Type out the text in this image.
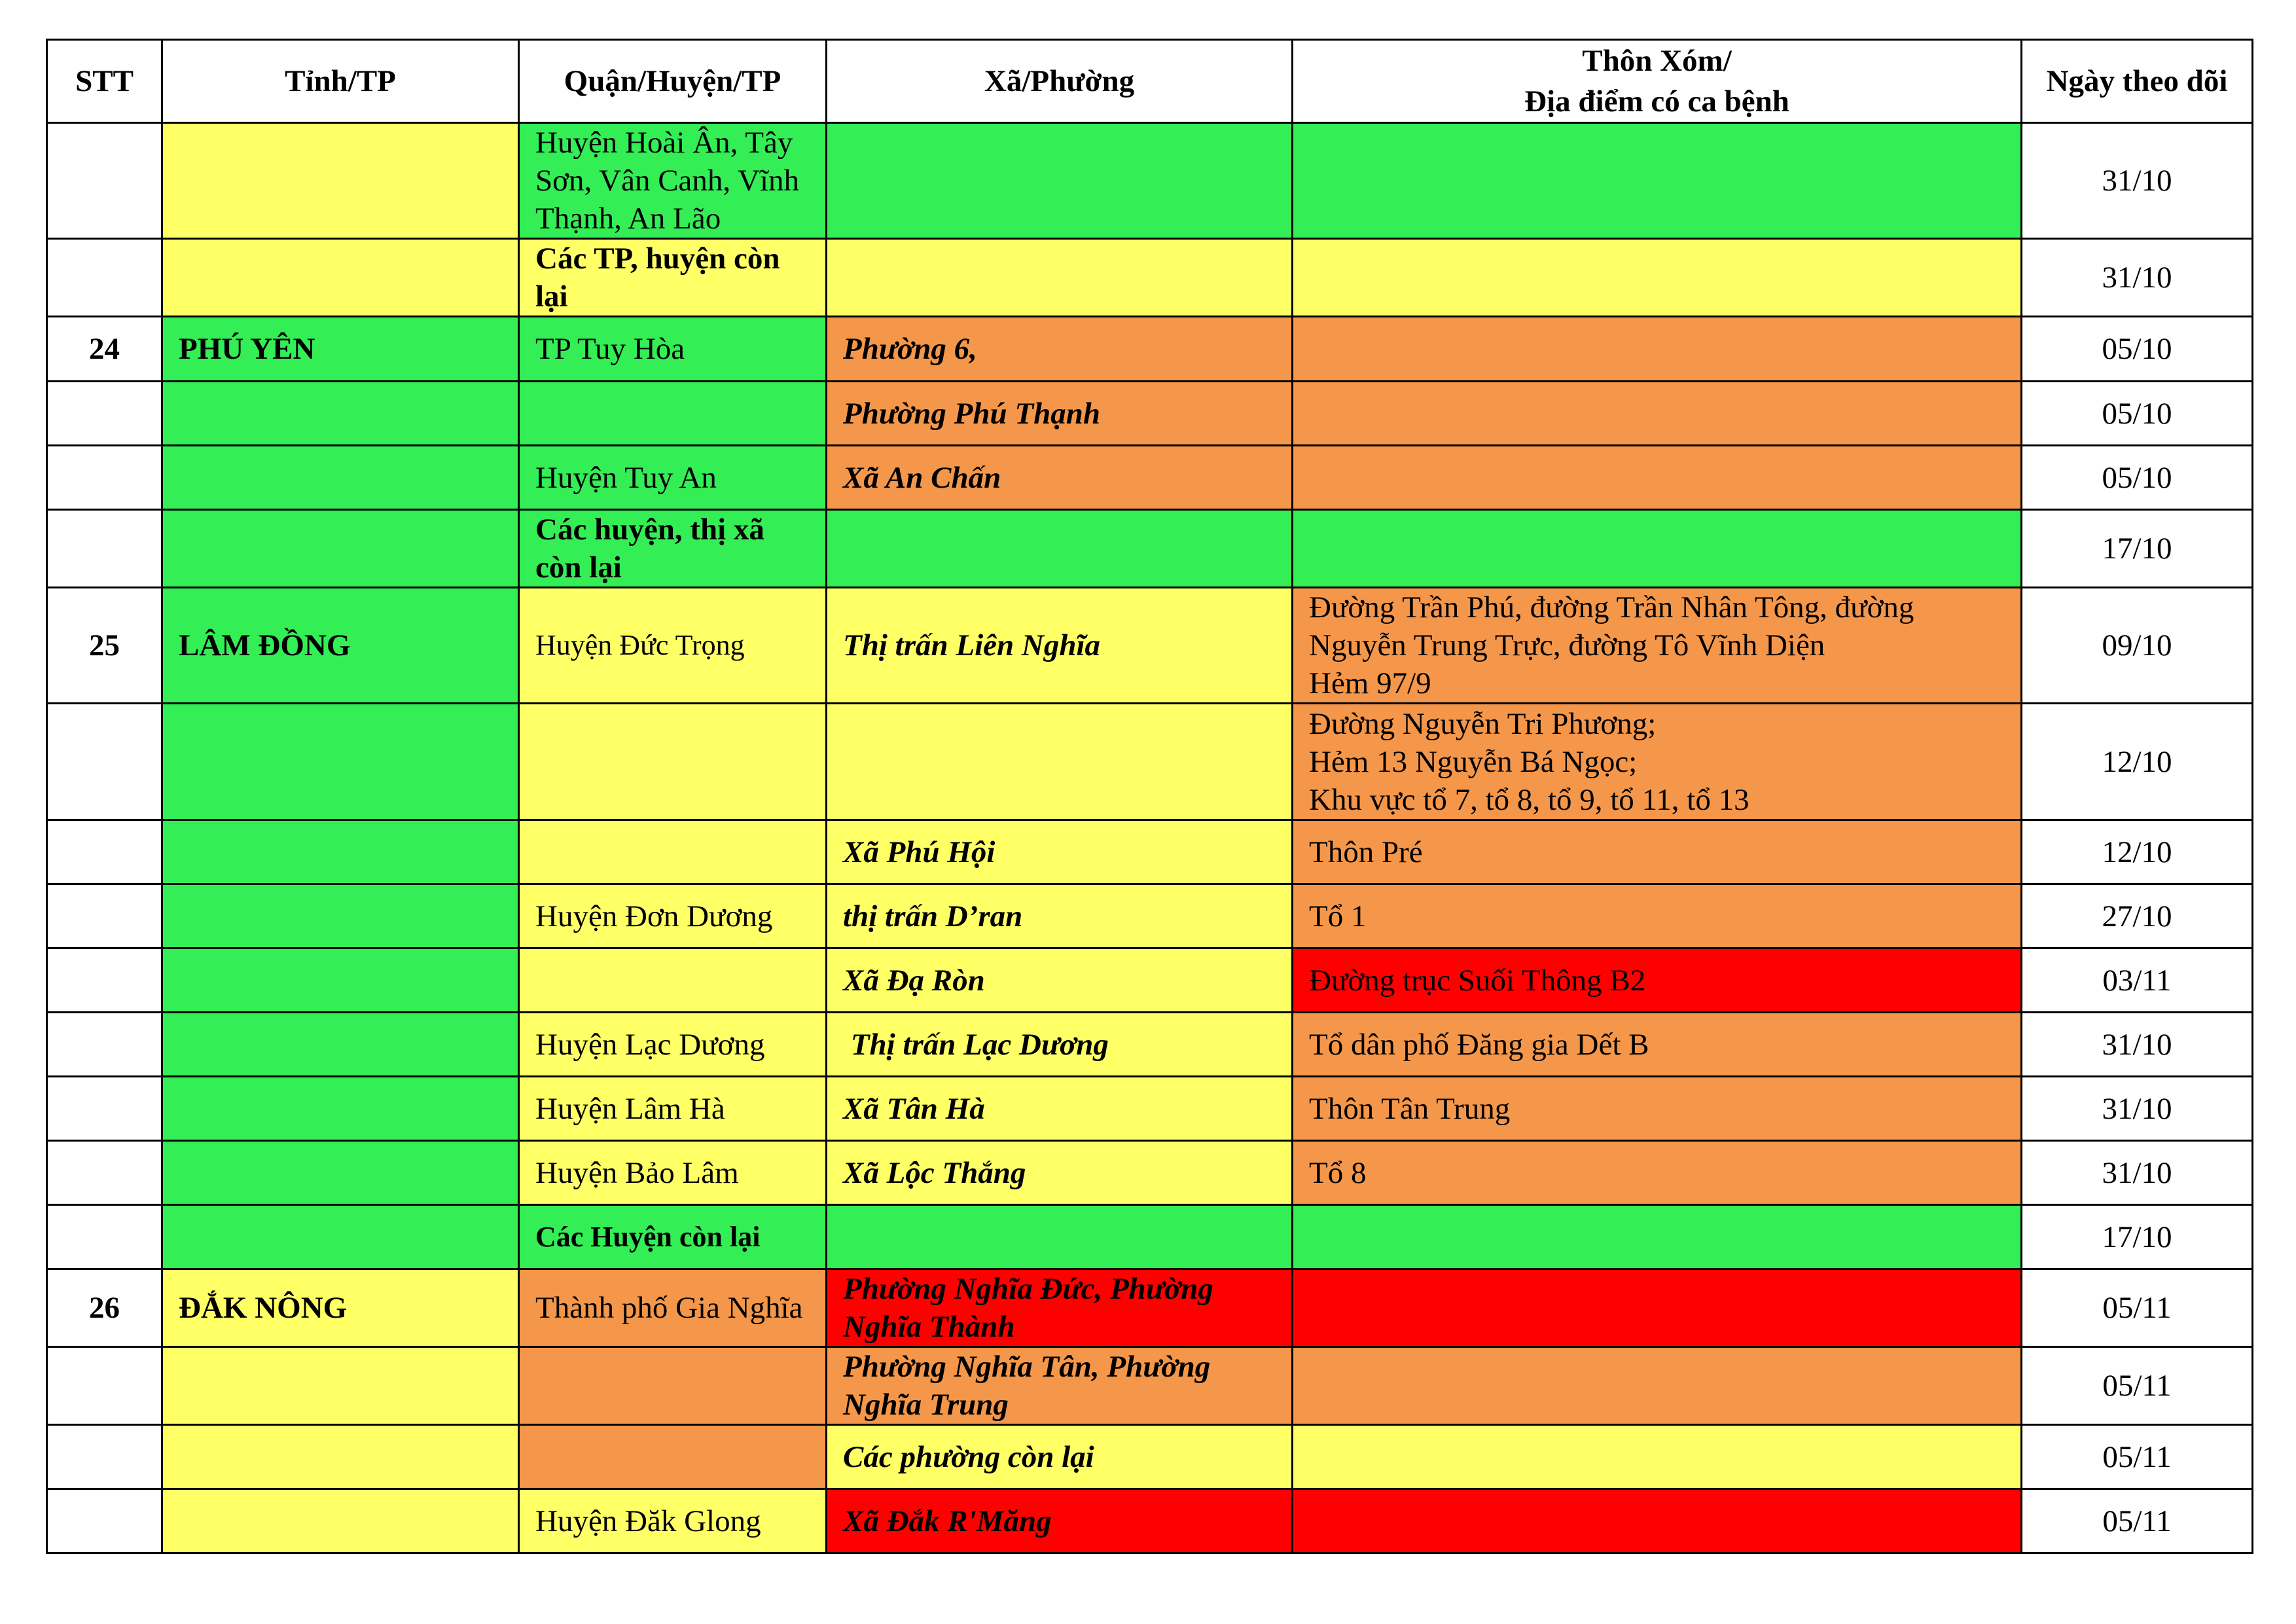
STT	Tỉnh/TP	Quận/Huyện/TP	Xã/Phường	Thôn Xóm/
Địa điểm có ca bệnh	Ngày theo dõi
		Huyện Hoài Ân, Tây Sơn, Vân Canh, Vĩnh Thạnh, An Lão			31/10
		Các TP, huyện còn lại			31/10
24	PHÚ YÊN	TP Tuy Hòa	Phường 6,		05/10
			Phường Phú Thạnh		05/10
		Huyện Tuy An	Xã An Chấn		05/10
		Các huyện, thị xã còn lại			17/10
25	LÂM ĐỒNG	Huyện Đức Trọng	Thị trấn Liên Nghĩa	Đường Trần Phú, đường Trần Nhân Tông, đường
Nguyễn Trung Trực, đường Tô Vĩnh Diện
Hẻm 97/9	09/10

				Đường Nguyễn Tri Phương;
Hẻm 13 Nguyễn Bá Ngọc;
Khu vực tổ 7, tổ 8, tổ 9, tổ 11, tổ 13	12/10
			Xã Phú Hội	Thôn Pré	12/10
		Huyện Đơn Dương	thị trấn D’ran	Tổ 1	27/10
			Xã Đạ Ròn	Đường trục Suối Thông B2	03/11
		Huyện Lạc Dương	Thị trấn Lạc Dương	Tổ dân phố Đăng gia Dết B	31/10
		Huyện Lâm Hà	Xã Tân Hà	Thôn Tân Trung	31/10
		Huyện Bảo Lâm	Xã Lộc Thắng	Tổ 8	31/10
		Các Huyện còn lại			17/10
26	ĐẮK NÔNG	Thành phố Gia Nghĩa	Phường Nghĩa Đức, Phường Nghĩa Thành		05/11
			Phường Nghĩa Tân, Phường Nghĩa Trung		05/11
			Các phường còn lại		05/11
		Huyện Đăk Glong	Xã Đắk R'Măng		05/11
